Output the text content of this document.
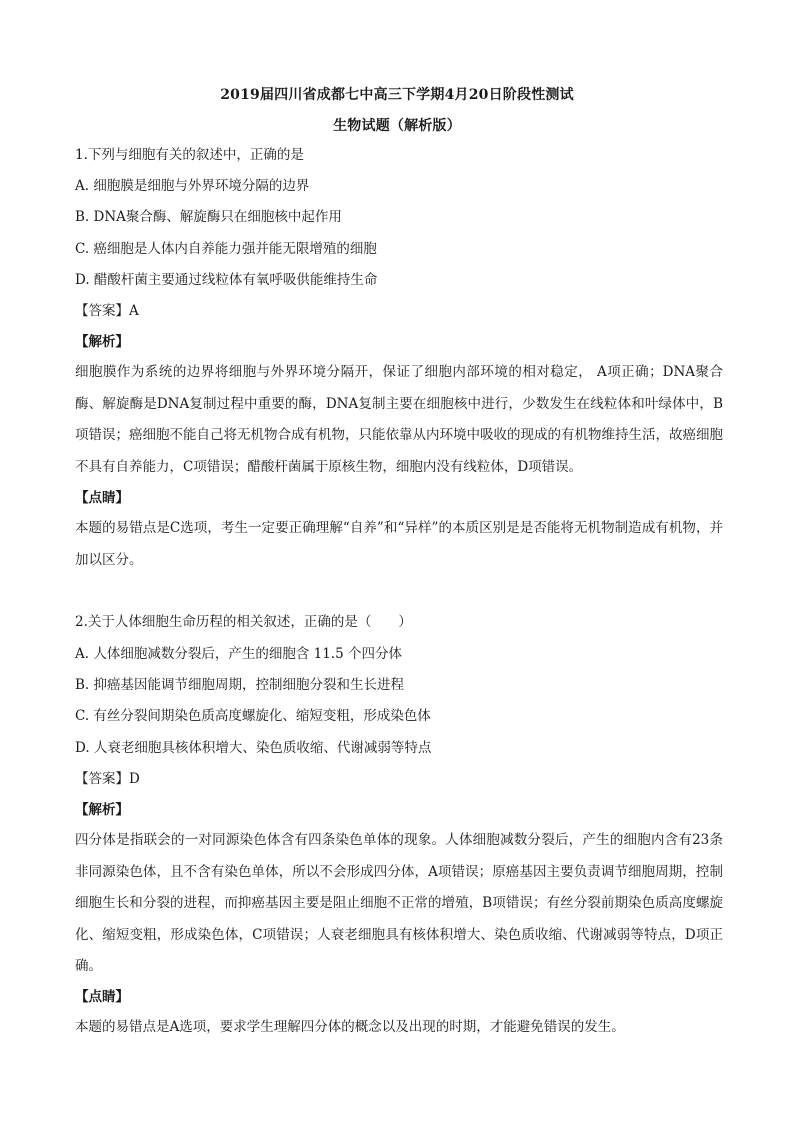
2019届四川省成都七中高三下学期4月20日阶段性测试
生物试题（解析版）
1.下列与细胞有关的叙述中，正确的是
A. 细胞膜是细胞与外界环境分隔的边界
B. DNA聚合酶、解旋酶只在细胞核中起作用
C. 癌细胞是人体内自养能力强并能无限增殖的细胞
D. 醋酸杆菌主要通过线粒体有氧呼吸供能维持生命
【答案】A
【解析】
细胞膜作为系统的边界将细胞与外界环境分隔开，保证了细胞内部环境的相对稳定， A项正确；DNA聚合酶、解旋酶是DNA复制过程中重要的酶，DNA复制主要在细胞核中进行，少数发生在线粒体和叶绿体中，B项错误；癌细胞不能自己将无机物合成有机物，只能依靠从内环境中吸收的现成的有机物维持生活，故癌细胞不具有自养能力，C项错误；醋酸杆菌属于原核生物，细胞内没有线粒体，D项错误。
【点睛】
本题的易错点是C选项，考生一定要正确理解“自养”和“异样”的本质区别是是否能将无机物制造成有机物，并加以区分。
2.关于人体细胞生命历程的相关叙述，正确的是（　　）
A. 人体细胞减数分裂后，产生的细胞含 11.5 个四分体
B. 抑癌基因能调节细胞周期，控制细胞分裂和生长进程
C. 有丝分裂间期染色质高度螺旋化、缩短变粗，形成染色体
D. 人衰老细胞具核体积增大、染色质收缩、代谢减弱等特点
【答案】D
【解析】
四分体是指联会的一对同源染色体含有四条染色单体的现象。人体细胞减数分裂后，产生的细胞内含有23条非同源染色体，且不含有染色单体，所以不会形成四分体，A项错误；原癌基因主要负责调节细胞周期，控制细胞生长和分裂的进程，而抑癌基因主要是阻止细胞不正常的增殖，B项错误；有丝分裂前期染色质高度螺旋化、缩短变粗，形成染色体，C项错误；人衰老细胞具有核体积增大、染色质收缩、代谢减弱等特点，D项正确。
【点睛】
本题的易错点是A选项，要求学生理解四分体的概念以及出现的时期，才能避免错误的发生。
